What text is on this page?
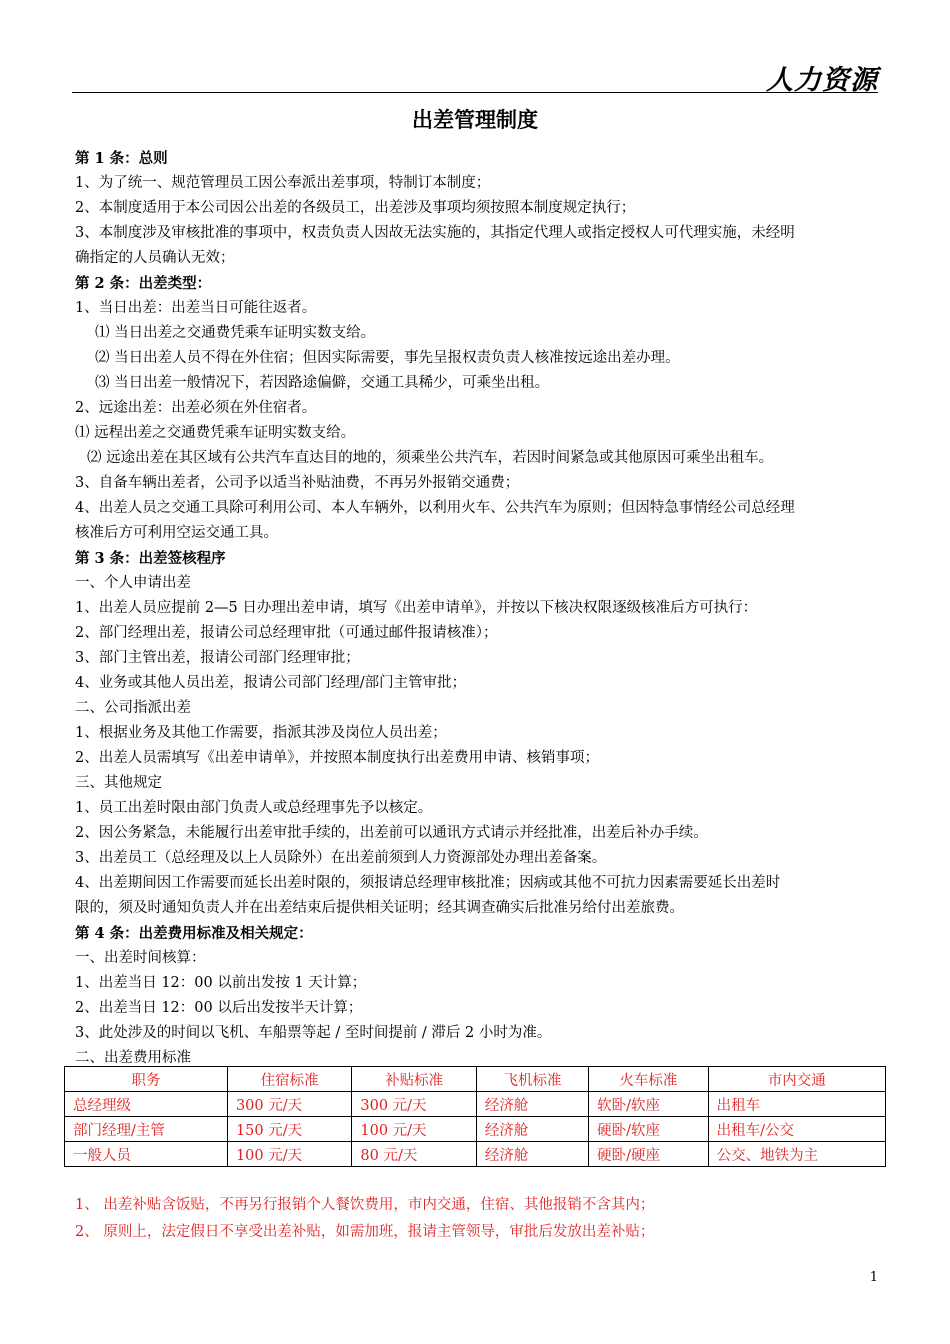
人力资源
出差管理制度
第 1 条：总则
1、为了统一、规范管理员工因公奉派出差事项，特制订本制度；
2、本制度适用于本公司因公出差的各级员工，出差涉及事项均须按照本制度规定执行；
3、本制度涉及审核批准的事项中，权责负责人因故无法实施的，其指定代理人或指定授权人可代理实施，未经明
确指定的人员确认无效；
第 2 条：出差类型：
1、当日出差：出差当日可能往返者。
⑴ 当日出差之交通费凭乘车证明实数支给。
⑵ 当日出差人员不得在外住宿；但因实际需要，事先呈报权责负责人核准按远途出差办理。
⑶ 当日出差一般情况下，若因路途偏僻，交通工具稀少，可乘坐出租。
2、远途出差：出差必须在外住宿者。
⑴ 远程出差之交通费凭乘车证明实数支给。
⑵ 远途出差在其区域有公共汽车直达目的地的，须乘坐公共汽车，若因时间紧急或其他原因可乘坐出租车。
3、自备车辆出差者，公司予以适当补贴油费，不再另外报销交通费；
4、出差人员之交通工具除可利用公司、本人车辆外，以利用火车、公共汽车为原则；但因特急事情经公司总经理
核准后方可利用空运交通工具。
第 3 条：出差签核程序
一、个人申请出差
1、出差人员应提前 2—5 日办理出差申请，填写《出差申请单》，并按以下核决权限逐级核准后方可执行：
2、部门经理出差，报请公司总经理审批（可通过邮件报请核准）；
3、部门主管出差，报请公司部门经理审批；
4、业务或其他人员出差，报请公司部门经理/部门主管审批；
二、公司指派出差
1、根据业务及其他工作需要，指派其涉及岗位人员出差；
2、出差人员需填写《出差申请单》，并按照本制度执行出差费用申请、核销事项；
三、其他规定
1、员工出差时限由部门负责人或总经理事先予以核定。
2、因公务紧急，未能履行出差审批手续的，出差前可以通讯方式请示并经批准，出差后补办手续。
3、出差员工（总经理及以上人员除外）在出差前须到人力资源部处办理出差备案。
4、出差期间因工作需要而延长出差时限的，须报请总经理审核批准；因病或其他不可抗力因素需要延长出差时
限的，须及时通知负责人并在出差结束后提供相关证明；经其调查确实后批准另给付出差旅费。
第 4 条：出差费用标准及相关规定：
一、出差时间核算：
1、出差当日 12：00 以前出发按 1 天计算；
2、出差当日 12：00 以后出发按半天计算；
3、此处涉及的时间以飞机、车船票等起 / 至时间提前 / 滞后 2 小时为准。
二、出差费用标准
职务	住宿标准	补贴标准	飞机标准	火车标准	市内交通
总经理级	300 元/天	300 元/天	经济舱	软卧/软座	出租车
部门经理/主管	150 元/天	100 元/天	经济舱	硬卧/软座	出租车/公交
一般人员	100 元/天	80 元/天	经济舱	硬卧/硬座	公交、地铁为主
1、 出差补贴含饭贴，不再另行报销个人餐饮费用，市内交通，住宿、其他报销不含其内；
2、 原则上，法定假日不享受出差补贴，如需加班，报请主管领导，审批后发放出差补贴；
1
